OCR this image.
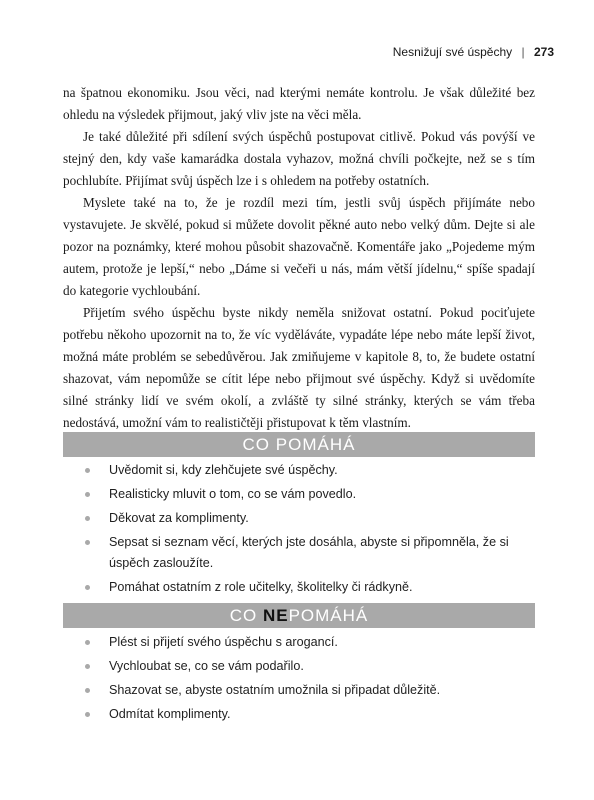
Nesnižují své úspěchy | 273

na špatnou ekonomiku. Jsou věci, nad kterými nemáte kontrolu. Je však důležité bez ohledu na výsledek přijmout, jaký vliv jste na věci měla.

Je také důležité při sdílení svých úspěchů postupovat citlivě. Pokud vás povýší ve stejný den, kdy vaše kamarádka dostala vyhazov, možná chvíli počkejte, než se s tím pochlubíte. Přijímat svůj úspěch lze i s ohledem na potřeby ostatních.

Myslete také na to, že je rozdíl mezi tím, jestli svůj úspěch přijímáte nebo vystavujete. Je skvělé, pokud si můžete dovolit pěkné auto nebo velký dům. Dejte si ale pozor na poznámky, které mohou působit shazovačně. Komentáře jako „Pojedeme mým autem, protože je lepší,“ nebo „Dáme si večeři u nás, mám větší jídelnu,“ spíše spadají do kategorie vychloubání.

Přijetím svého úspěchu byste nikdy neměla snižovat ostatní. Pokud pociťujete potřebu někoho upozornit na to, že víc vyděláváte, vypadáte lépe nebo máte lepší život, možná máte problém se sebedůvěrou. Jak zmiňujeme v kapitole 8, to, že budete ostatní shazovat, vám nepomůže se cítit lépe nebo přijmout své úspěchy. Když si uvědomíte silné stránky lidí ve svém okolí, a zvláště ty silné stránky, kterých se vám třeba nedostává, umožní vám to realističtěji přistupovat k těm vlastním.

CO POMÁHÁ
Uvědomit si, kdy zlehčujete své úspěchy.
Realisticky mluvit o tom, co se vám povedlo.
Děkovat za komplimenty.
Sepsat si seznam věcí, kterých jste dosáhla, abyste si připomněla, že si úspěch zasloužíte.
Pomáhat ostatním z role učitelky, školitelky či rádkyně.
CO NE POMÁHÁ
Plést si přijetí svého úspěchu s arogancí.
Vychloubat se, co se vám podařilo.
Shazovat se, abyste ostatním umožnila si připadat důležitě.
Odmítat komplimenty.
